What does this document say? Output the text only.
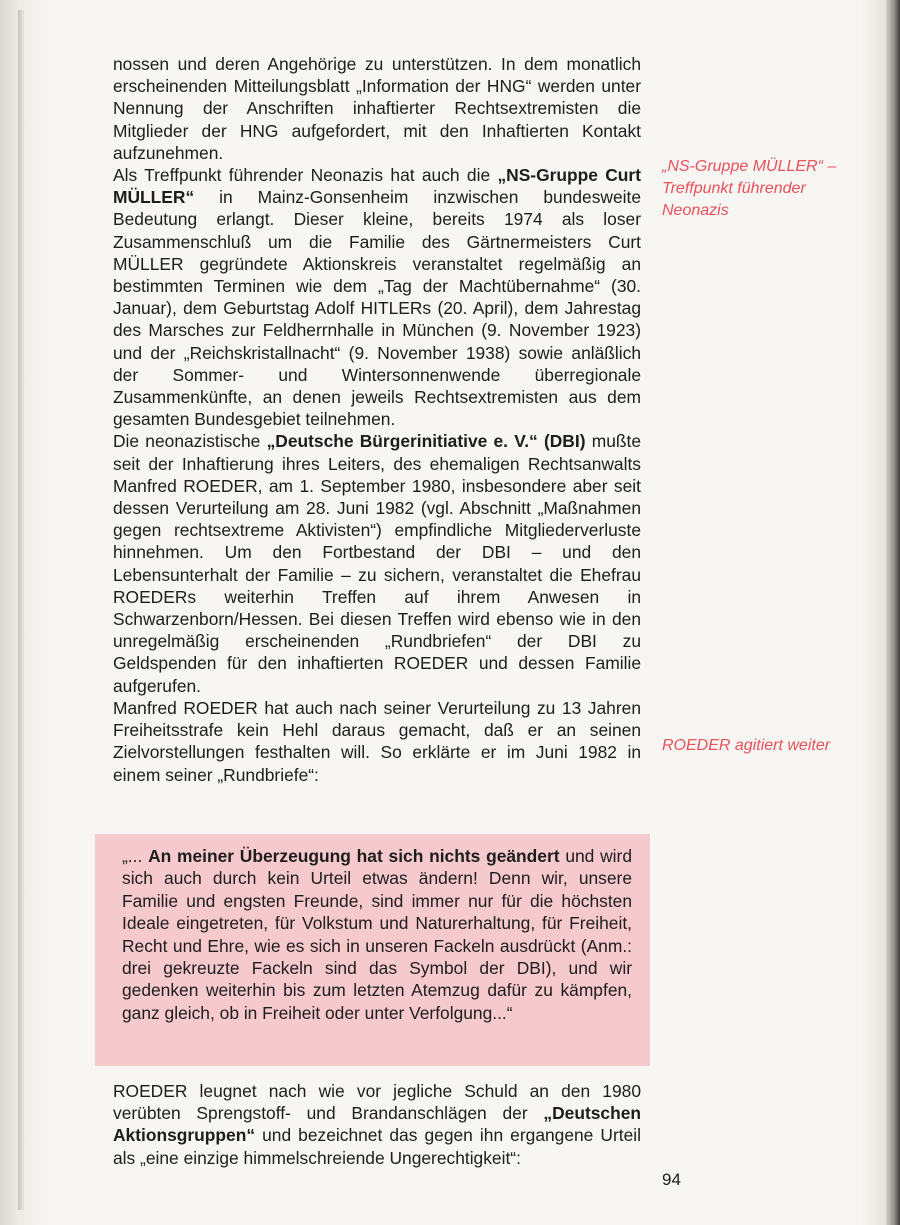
nossen und deren Angehörige zu unterstützen. In dem monatlich erscheinenden Mitteilungsblatt „Information der HNG“ werden unter Nennung der Anschriften inhaftierter Rechtsextremisten die Mitglieder der HNG aufgefordert, mit den Inhaftierten Kontakt aufzunehmen.

Als Treffpunkt führender Neonazis hat auch die „NS-Gruppe Curt MÜLLER“ in Mainz-Gonsenheim inzwischen bundesweite Bedeutung erlangt. Dieser kleine, bereits 1974 als loser Zusammenschluß um die Familie des Gärtnermeisters Curt MÜLLER gegründete Aktionskreis veranstaltet regelmäßig an bestimmten Terminen wie dem „Tag der Machtübernahme“ (30. Januar), dem Geburtstag Adolf HITLERs (20. April), dem Jahrestag des Marsches zur Feldherrnhalle in München (9. November 1923) und der „Reichskristallnacht“ (9. November 1938) sowie anläßlich der Sommer- und Wintersonnenwende überregionale Zusammenkünfte, an denen jeweils Rechtsextremisten aus dem gesamten Bundesgebiet teilnehmen.

Die neonazistische „Deutsche Bürgerinitiative e. V.“ (DBI) mußte seit der Inhaftierung ihres Leiters, des ehemaligen Rechtsanwalts Manfred ROEDER, am 1. September 1980, insbesondere aber seit dessen Verurteilung am 28. Juni 1982 (vgl. Abschnitt „Maßnahmen gegen rechtsextreme Aktivisten“) empfindliche Mitgliederverluste hinnehmen. Um den Fortbestand der DBI – und den Lebensunterhalt der Familie – zu sichern, veranstaltet die Ehefrau ROEDERs weiterhin Treffen auf ihrem Anwesen in Schwarzenborn/Hessen. Bei diesen Treffen wird ebenso wie in den unregelmäßig erscheinenden „Rundbriefen“ der DBI zu Geldspenden für den inhaftierten ROEDER und dessen Familie aufgerufen.

Manfred ROEDER hat auch nach seiner Verurteilung zu 13 Jahren Freiheitsstrafe kein Hehl daraus gemacht, daß er an seinen Zielvorstellungen festhalten will. So erklärte er im Juni 1982 in einem seiner „Rundbriefe“:

„NS-Gruppe MÜLLER“ –
Treffpunkt führender
Neonazis
ROEDER agitiert weiter
„... An meiner Überzeugung hat sich nichts geändert und wird sich auch durch kein Urteil etwas ändern! Denn wir, unsere Familie und engsten Freunde, sind immer nur für die höchsten Ideale eingetreten, für Volkstum und Naturerhaltung, für Freiheit, Recht und Ehre, wie es sich in unseren Fackeln ausdrückt (Anm.: drei gekreuzte Fackeln sind das Symbol der DBI), und wir gedenken weiterhin bis zum letzten Atemzug dafür zu kämpfen, ganz gleich, ob in Freiheit oder unter Verfolgung...“

ROEDER leugnet nach wie vor jegliche Schuld an den 1980 verübten Sprengstoff- und Brandanschlägen der „Deutschen Aktionsgruppen“ und bezeichnet das gegen ihn ergangene Urteil als „eine einzige himmelschreiende Ungerechtigkeit“:

94
